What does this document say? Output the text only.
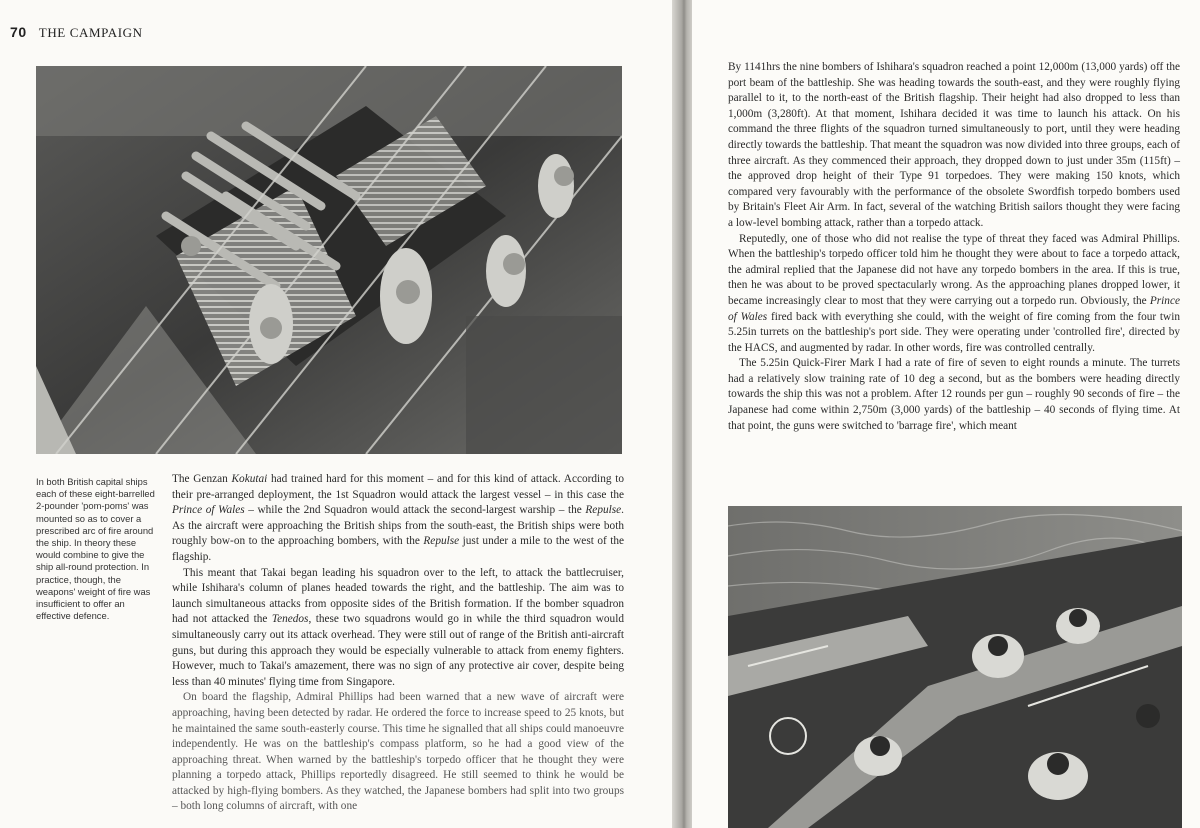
70 THE CAMPAIGN
In both British capital ships each of these eight-barrelled 2-pounder 'pom-poms' was mounted so as to cover a prescribed arc of fire around the ship. In theory these would combine to give the ship all-round protection. In practice, though, the weapons' weight of fire was insufficient to offer an effective defence.

The Genzan Kokutai had trained hard for this moment – and for this kind of attack. According to their pre-arranged deployment, the 1st Squadron would attack the largest vessel – in this case the Prince of Wales – while the 2nd Squadron would attack the second-largest warship – the Repulse. As the aircraft were approaching the British ships from the south-east, the British ships were both roughly bow-on to the approaching bombers, with the Repulse just under a mile to the west of the flagship.

This meant that Takai began leading his squadron over to the left, to attack the battlecruiser, while Ishihara's column of planes headed towards the right, and the battleship. The aim was to launch simultaneous attacks from opposite sides of the British formation. If the bomber squadron had not attacked the Tenedos, these two squadrons would go in while the third squadron would simultaneously carry out its attack overhead. They were still out of range of the British anti-aircraft guns, but during this approach they would be especially vulnerable to attack from enemy fighters. However, much to Takai's amazement, there was no sign of any protective air cover, despite being less than 40 minutes' flying time from Singapore.

On board the flagship, Admiral Phillips had been warned that a new wave of aircraft were approaching, having been detected by radar. He ordered the force to increase speed to 25 knots, but he maintained the same south-easterly course. This time he signalled that all ships could manoeuvre independently. He was on the battleship's compass platform, so he had a good view of the approaching threat. When warned by the battleship's torpedo officer that he thought they were planning a torpedo attack, Phillips reportedly disagreed. He still seemed to think he would be attacked by high-flying bombers. As they watched, the Japanese bombers had split into two groups – both long columns of aircraft, with one

By 1141hrs the nine bombers of Ishihara's squadron reached a point 12,000m (13,000 yards) off the port beam of the battleship. She was heading towards the south-east, and they were roughly flying parallel to it, to the north-east of the British flagship. Their height had also dropped to less than 1,000m (3,280ft). At that moment, Ishihara decided it was time to launch his attack. On his command the three flights of the squadron turned simultaneously to port, until they were heading directly towards the battleship. That meant the squadron was now divided into three groups, each of three aircraft. As they commenced their approach, they dropped down to just under 35m (115ft) – the approved drop height of their Type 91 torpedoes. They were making 150 knots, which compared very favourably with the performance of the obsolete Swordfish torpedo bombers used by Britain's Fleet Air Arm. In fact, several of the watching British sailors thought they were facing a low-level bombing attack, rather than a torpedo attack.

Reputedly, one of those who did not realise the type of threat they faced was Admiral Phillips. When the battleship's torpedo officer told him he thought they were about to face a torpedo attack, the admiral replied that the Japanese did not have any torpedo bombers in the area. If this is true, then he was about to be proved spectacularly wrong. As the approaching planes dropped lower, it became increasingly clear to most that they were carrying out a torpedo run. Obviously, the Prince of Wales fired back with everything she could, with the weight of fire coming from the four twin 5.25in turrets on the battleship's port side. They were operating under 'controlled fire', directed by the HACS, and augmented by radar. In other words, fire was controlled centrally.

The 5.25in Quick-Firer Mark I had a rate of fire of seven to eight rounds a minute. The turrets had a relatively slow training rate of 10 deg a second, but as the bombers were heading directly towards the ship this was not a problem. After 12 rounds per gun – roughly 90 seconds of fire – the Japanese had come within 2,750m (3,000 yards) of the battleship – 40 seconds of flying time. At that point, the guns were switched to 'barrage fire', which meant
